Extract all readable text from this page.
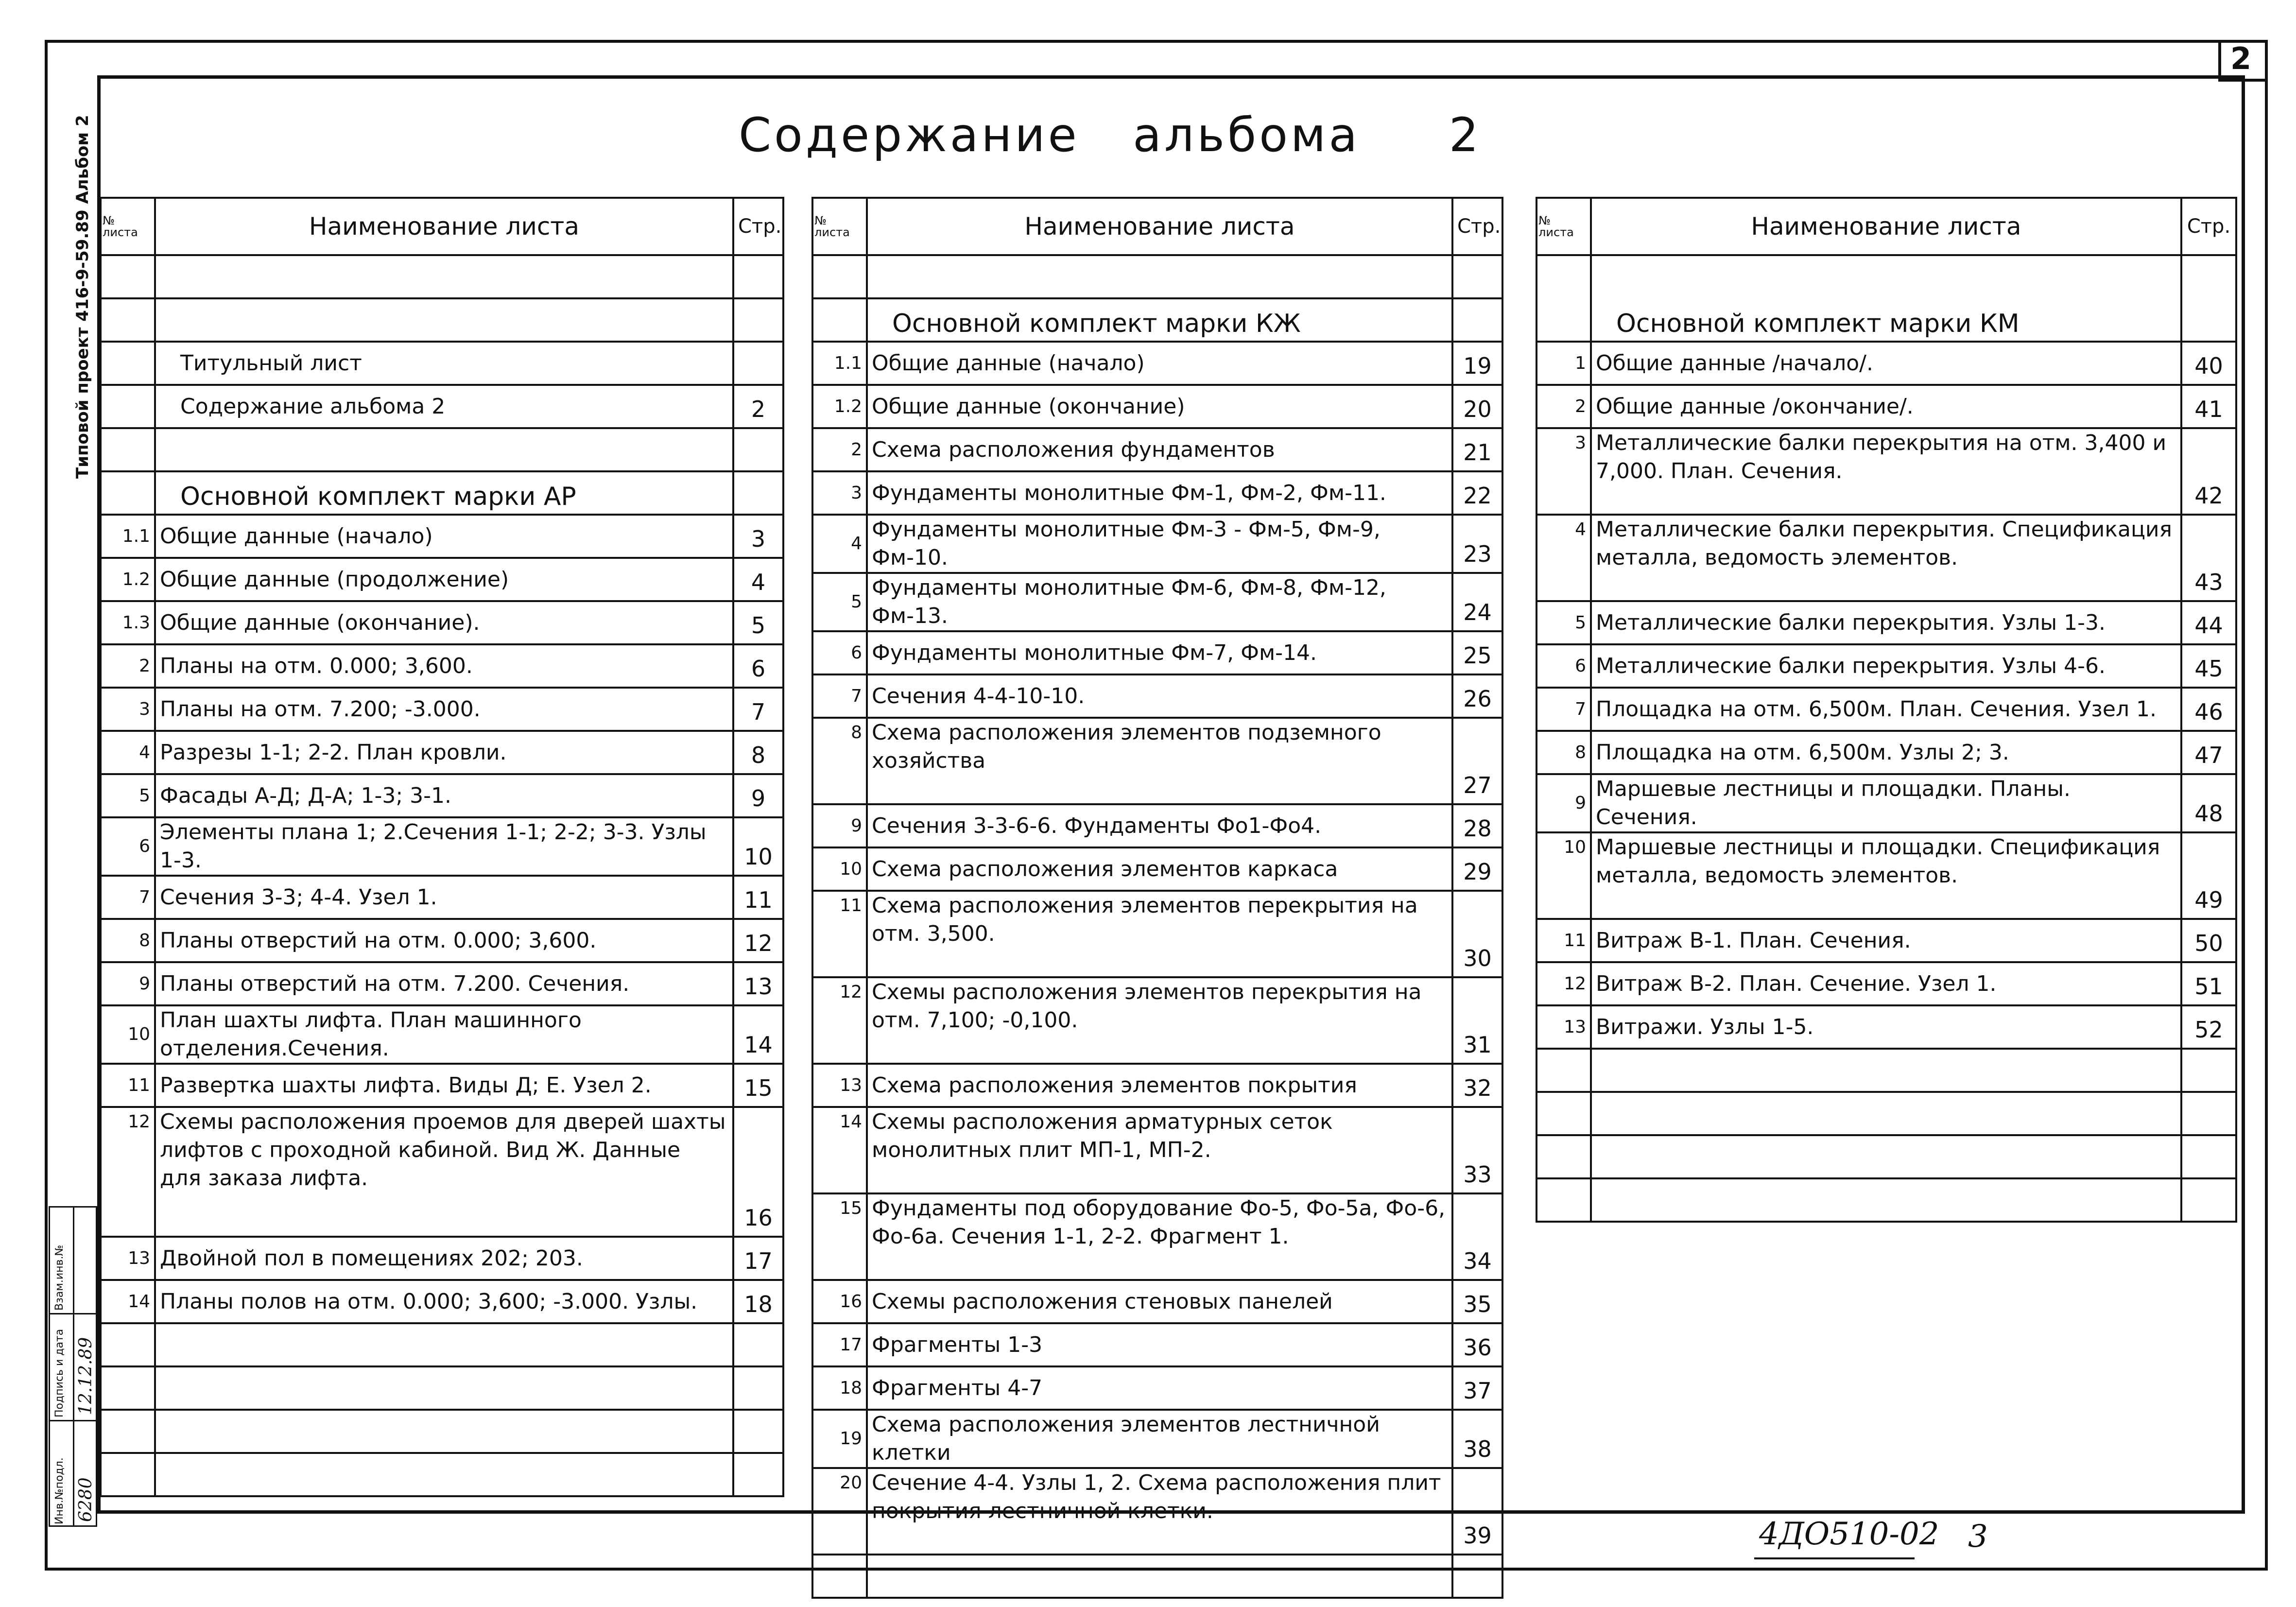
2
Типовой проект 416-9-59.89 Альбом 2
Инв.№подл.
Подпись и дата
Взам.инв.№
6280
12.12.89
Содержание   альбома     2
№ листа	Наименование листа	Стр.

	Титульный лист	
	Содержание альбома 2	2

	Основной комплект марки АР	
1.1	Общие данные (начало)	3
1.2	Общие данные (продолжение)	4
1.3	Общие данные (окончание).	5
2	Планы на отм. 0.000; 3,600.	6
3	Планы на отм. 7.200; -3.000.	7
4	Разрезы 1-1; 2-2. План кровли.	8
5	Фасады А-Д; Д-А; 1-3; 3-1.	9
6	Элементы плана 1; 2.Сечения 1-1; 2-2; 3-3. Узлы 1-3.	10
7	Сечения 3-3; 4-4. Узел 1.	11
8	Планы отверстий на отм. 0.000; 3,600.	12
9	Планы отверстий на отм. 7.200. Сечения.	13
10	План шахты лифта. План машинного отделения.Сечения.	14
11	Развертка шахты лифта. Виды Д; Е. Узел 2.	15
12	Схемы расположения проемов для дверей шахты лифтов с проходной кабиной. Вид Ж. Данные для заказа лифта.	16
13	Двойной пол в помещениях 202; 203.	17
14	Планы полов на отм. 0.000; 3,600; -3.000. Узлы.	18

№ листа	Наименование листа	Стр.

	Основной комплект марки КЖ	
1.1	Общие данные (начало)	19
1.2	Общие данные (окончание)	20
2	Схема расположения фундаментов	21
3	Фундаменты монолитные Фм-1, Фм-2, Фм-11.	22
4	Фундаменты монолитные Фм-3 - Фм-5, Фм-9, Фм-10.	23
5	Фундаменты монолитные Фм-6, Фм-8, Фм-12, Фм-13.	24
6	Фундаменты монолитные Фм-7, Фм-14.	25
7	Сечения 4-4-10-10.	26
8	Схема расположения элементов подземного хозяйства	27
9	Сечения 3-3-6-6. Фундаменты Фо1-Фо4.	28
10	Схема расположения элементов каркаса	29
11	Схема расположения элементов перекрытия на отм. 3,500.	30
12	Схемы расположения элементов перекрытия на отм. 7,100; -0,100.	31
13	Схема расположения элементов покрытия	32
14	Схемы расположения арматурных сеток монолитных плит МП-1, МП-2.	33
15	Фундаменты под оборудование Фо-5, Фо-5а, Фо-6, Фо-6а. Сечения 1-1, 2-2. Фрагмент 1.	34
16	Схемы расположения стеновых панелей	35
17	Фрагменты 1-3	36
18	Фрагменты 4-7	37
19	Схема расположения элементов лестничной клетки	38
20	Сечение 4-4. Узлы 1, 2. Схема расположения плит покрытия лестничной клетки.	39

№ листа	Наименование листа	Стр.
	Основной комплект марки КМ	
1	Общие данные /начало/.	40
2	Общие данные /окончание/.	41
3	Металлические балки перекрытия на отм. 3,400 и 7,000. План. Сечения.	42
4	Металлические балки перекрытия. Спецификация металла, ведомость элементов.	43
5	Металлические балки перекрытия. Узлы 1-3.	44
6	Металлические балки перекрытия. Узлы 4-6.	45
7	Площадка на отм. 6,500м. План. Сечения. Узел 1.	46
8	Площадка на отм. 6,500м. Узлы 2; 3.	47
9	Маршевые лестницы и площадки. Планы. Сечения.	48
10	Маршевые лестницы и площадки. Спецификация металла, ведомость элементов.	49
11	Витраж В-1. План. Сечения.	50
12	Витраж В-2. План. Сечение. Узел 1.	51
13	Витражи. Узлы 1-5.	52

4ДО510-02 3
